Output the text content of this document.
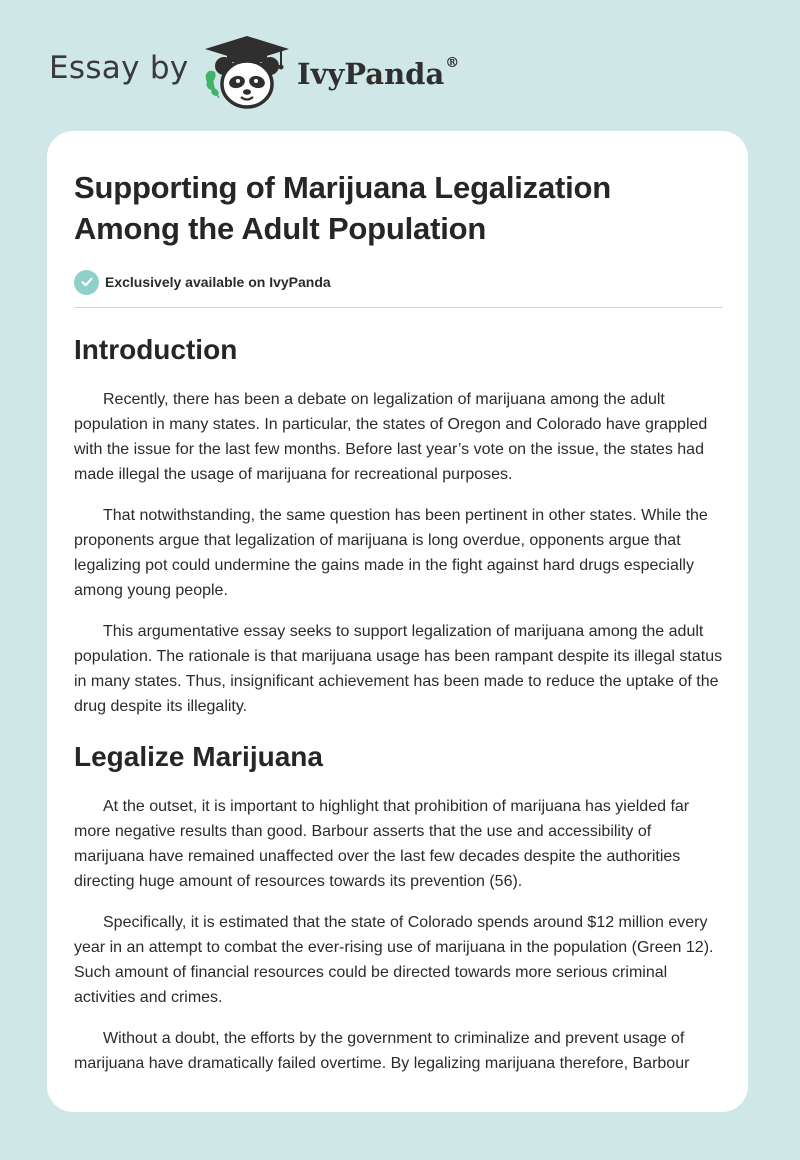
Essay by	IvyPanda®
Supporting of Marijuana Legalization Among the Adult Population
Exclusively available on IvyPanda
Introduction

Recently, there has been a debate on legalization of marijuana among the adult population in many states. In particular, the states of Oregon and Colorado have grappled with the issue for the last few months. Before last year’s vote on the issue, the states had made illegal the usage of marijuana for recreational purposes.

That notwithstanding, the same question has been pertinent in other states. While the proponents argue that legalization of marijuana is long overdue, opponents argue that legalizing pot could undermine the gains made in the fight against hard drugs especially among young people.

This argumentative essay seeks to support legalization of marijuana among the adult population. The rationale is that marijuana usage has been rampant despite its illegal status in many states. Thus, insignificant achievement has been made to reduce the uptake of the drug despite its illegality.

Legalize Marijuana

At the outset, it is important to highlight that prohibition of marijuana has yielded far more negative results than good. Barbour asserts that the use and accessibility of marijuana have remained unaffected over the last few decades despite the authorities directing huge amount of resources towards its prevention (56).

Specifically, it is estimated that the state of Colorado spends around $12 million every year in an attempt to combat the ever-rising use of marijuana in the population (Green 12). Such amount of financial resources could be directed towards more serious criminal activities and crimes.

Without a doubt, the efforts by the government to criminalize and prevent usage of marijuana have dramatically failed overtime. By legalizing marijuana therefore, Barbour
